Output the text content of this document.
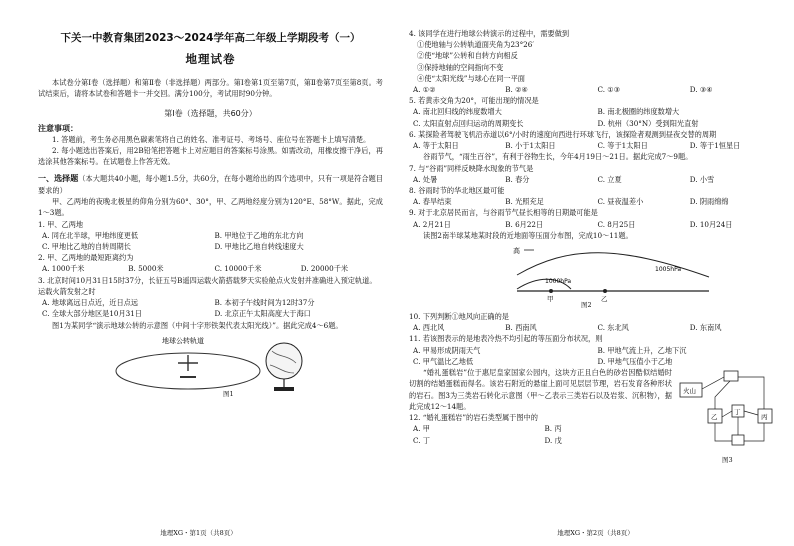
下关一中教育集团2023～2024学年高二年级上学期段考（一）
地理试卷

本试卷分第Ⅰ卷（选择题）和第Ⅱ卷（非选择题）两部分。第Ⅰ卷第1页至第7页，第Ⅱ卷第7页至第8页。考试结束后，请将本试卷和答题卡一并交回。满分100分，考试用时90分钟。

第Ⅰ卷（选择题，共60分）

注意事项：

1. 答题前，考生务必用黑色碳素笔将自己的姓名、准考证号、考场号、座位号在答题卡上填写清楚。

2. 每小题选出答案后，用2B铅笔把答题卡上对应题目的答案标号涂黑。如需改动，用橡皮擦干净后，再选涂其他答案标号。在试题卷上作答无效。

一、选择题（本大题共40小题，每小题1.5分，共60分，在每小题给出的四个选项中，只有一项是符合题目要求的）

甲、乙两地的夜晚北极星的仰角分别为60°、30°，甲、乙两地经度分别为120°E、58°W。据此，完成1～3题。

1. 甲、乙两地

A. 同在北半球，甲地纬度更低	B. 甲地位于乙地的东北方向
C. 甲地比乙地的自转周期长	D. 甲地比乙地自转线速度大

2. 甲、乙两地的最短距离约为

A. 1000千米	B. 5000米	C. 10000千米	D. 20000千米

3. 北京时间10月31日15时37分，长征五号B遥四运载火箭搭载梦天实验舱点火发射并准确进入预定轨道。运载火箭发射之时

A. 地球离远日点近，近日点远	B. 本初子午线时间为12时37分
C. 全球大部分地区是10月31日	D. 北京正午太阳高度大于海口

图1为某同学“演示地球公转的示意图（中间十字形铁架代表太阳光线）”。据此完成4～6题。

地球公转轨道
图1
地理XG・第1页（共8页）

4. 该同学在进行地球公转演示的过程中，需要做到

①使地轴与公转轨道面夹角为23°26′

②使“地球”公转和自转方向相反

③保持地轴的空间指向不变

④使“太阳光线”与球心在同一平面

A. ①②	B. ②④	C. ①③	D. ③④

5. 若黄赤交角为20°，可能出现的情况是

A. 南北回归线的纬度数增大	B. 南北极圈的纬度数增大
C. 太阳直射点回归运动的周期变长	D. 杭州（30°N）受到阳光直射

6. 某探险者驾驶飞机沿赤道以6°/小时的速度向西进行环球飞行，该探险者观测到昼夜交替的周期

A. 等于太阳日	B. 小于1太阳日	C. 等于1太阳日	D. 等于1恒星日

谷雨节气，“雨生百谷”，有利于谷物生长，今年4月19日～21日。据此完成7～9题。

7. 与“谷雨”同样反映降水现象的节气是

A. 处暑	B. 春分	C. 立夏	D. 小雪

8. 谷雨时节的华北地区最可能

A. 春旱结束	B. 光照充足	C. 昼夜温差小	D. 阴雨绵绵

9. 对于北京居民而言，与谷雨节气昼长相等的日期最可能是

A. 2月21日	B. 6月22日	C. 8月25日	D. 10月24日

读图2南半球某地某时段的近地面等压面分布图，完成10～11题。

高
1000hPa
1005hPa
甲	乙
图2

10. 下列判断①地风向正确的是

A. 西北风	B. 西南风	C. 东北风	D. 东南风

11. 若该图表示的是地表冷热不均引起的等压面分布状况，则

A. 甲易形成阴雨天气	B. 甲地气流上升，乙地下沉
C. 甲气温比乙地低	D. 甲地气压值小于乙地

“婚礼蛋糕岩”位于惠尼皇家国家公园内，这块方正且白色的砂岩因酷似结婚时切割的结婚蛋糕而得名。该岩石附近的悬崖上面可见层层节理，岩石发育各种形状的岩石。图3为三类岩石转化示意图（甲～乙表示三类岩石以及岩浆、沉积物），据此完成12～14题。

12. “婚礼蛋糕岩”的岩石类型属于图中的

A. 甲	B. 丙
C. 丁	D. 戊
火山
乙
丁
丙
图3
地理XG・第2页（共8页）
